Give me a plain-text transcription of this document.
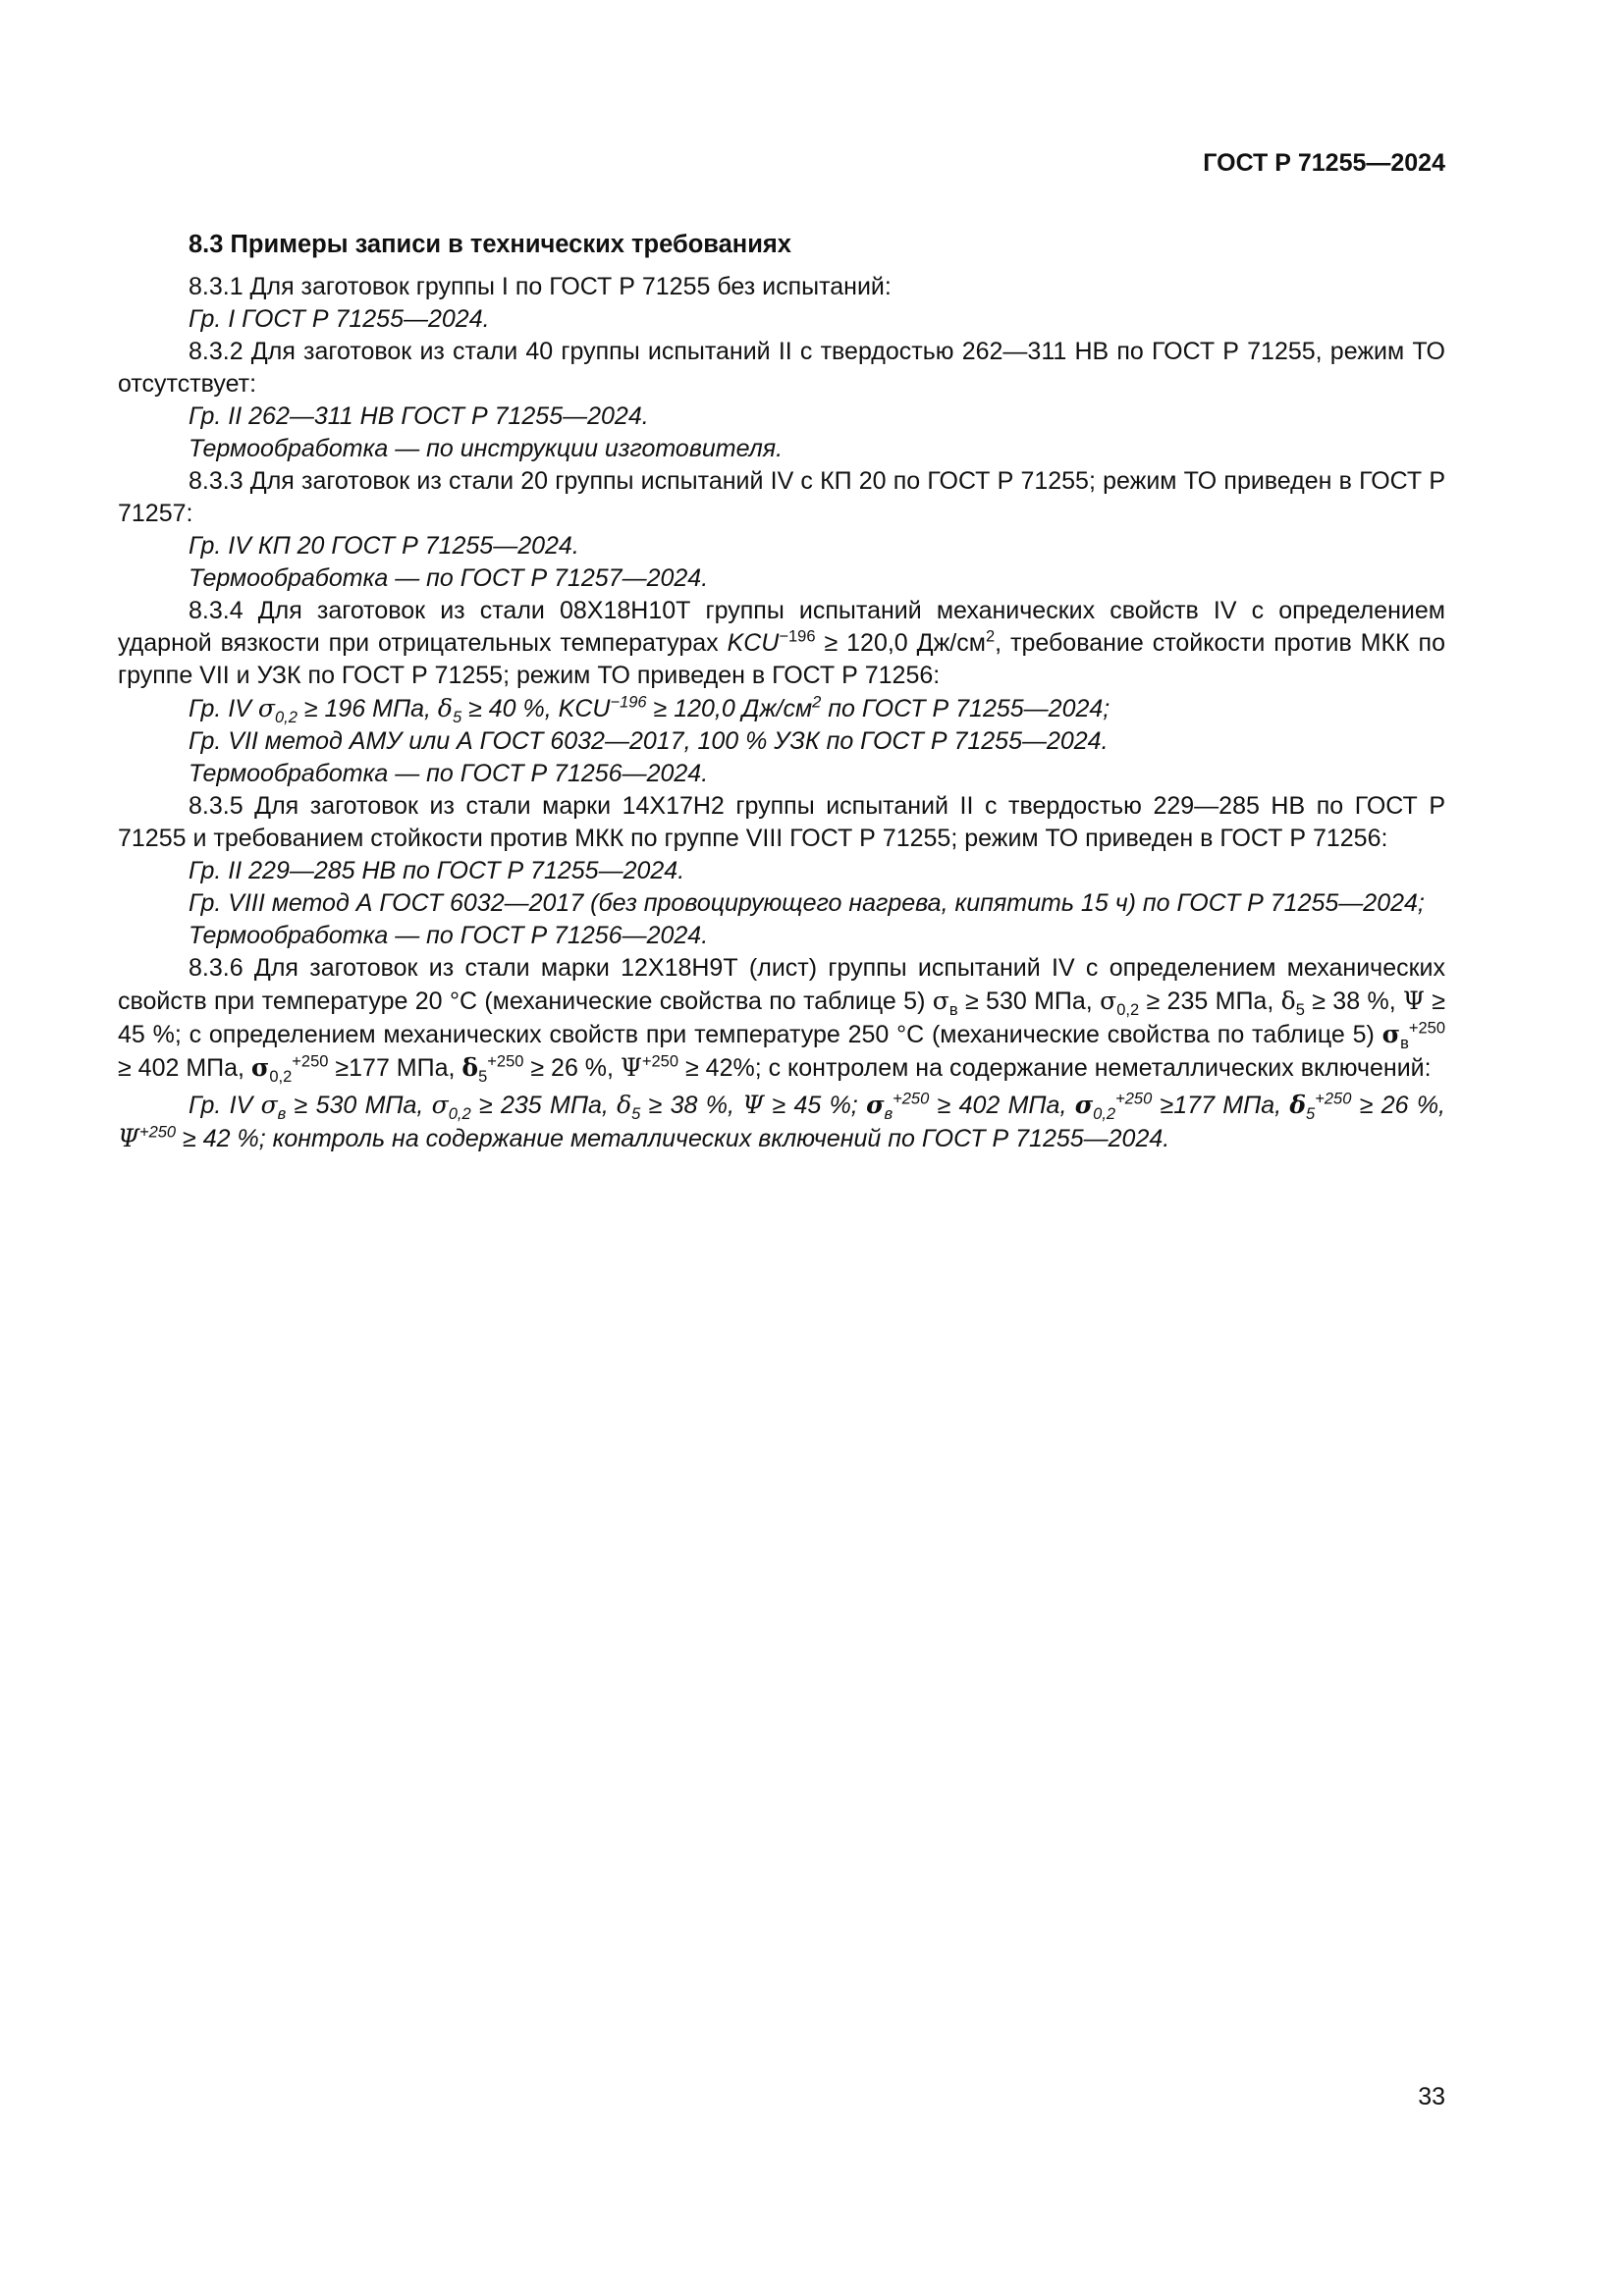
ГОСТ Р 71255—2024
8.3 Примеры записи в технических требованиях

8.3.1 Для заготовок группы I по ГОСТ Р 71255 без испытаний:

Гр. I ГОСТ Р 71255—2024.

8.3.2 Для заготовок из стали 40 группы испытаний II с твердостью 262—311 НВ по ГОСТ Р 71255, режим ТО отсутствует:

Гр. II 262—311 НВ ГОСТ Р 71255—2024.

Термообработка — по инструкции изготовителя.

8.3.3 Для заготовок из стали 20 группы испытаний IV с КП 20 по ГОСТ Р 71255; режим ТО приведен в ГОСТ Р 71257:

Гр. IV КП 20 ГОСТ Р 71255—2024.

Термообработка — по ГОСТ Р 71257—2024.

8.3.4 Для заготовок из стали 08Х18Н10Т группы испытаний механических свойств IV с определением ударной вязкости при отрицательных температурах $KCU^{-196} \ge 120,0$ $Дж/см^2$, требование стойкости против МКК по группе VII и УЗК по ГОСТ Р 71255; режим ТО приведен в ГОСТ Р 71256:

Гр. IV $\sigma_{0,2} \ge 196$ МПа, $\delta_5 \ge 40$ %, $KCU^{-196} \ge 120,0$ $Дж/см^2$ по ГОСТ Р 71255—2024;

Гр. VII метод АМУ или А ГОСТ 6032—2017, 100 % УЗК по ГОСТ Р 71255—2024.

Термообработка — по ГОСТ Р 71256—2024.

8.3.5 Для заготовок из стали марки 14Х17Н2 группы испытаний II с твердостью 229—285 НВ по ГОСТ Р 71255 и требованием стойкости против МКК по группе VIII ГОСТ Р 71255; режим ТО приведен в ГОСТ Р 71256:

Гр. II 229—285 НВ по ГОСТ Р 71255—2024.

Гр. VIII метод А ГОСТ 6032—2017 (без провоцирующего нагрева, кипятить 15 ч) по ГОСТ Р 71255—2024;

Термообработка — по ГОСТ Р 71256—2024.

8.3.6 Для заготовок из стали марки 12Х18Н9Т (лист) группы испытаний IV с определением механических свойств при температуре 20 °С (механические свойства по таблице 5) $\sigma_в \ge 530$ МПа, $\sigma_{0,2} \ge 235$ МПа, $\delta_5 \ge 38$ %, Ψ ≥ 45 %; с определением механических свойств при температуре 250 °С (механические свойства по таблице 5) $\sigma_в^{+250} \ge 402$ МПа, $\sigma_{0,2}^{+250} \ge 177$ МПа, $\delta_5^{+250} \ge 26$ %, $\Psi^{+250} \ge 42\%$; с контролем на содержание неметаллических включений:

Гр. IV $\sigma_в \ge 530$ МПа, $\sigma_{0,2} \ge 235$ МПа, $\delta_5 \ge 38$ %, Ψ ≥ 45 %; $\sigma_в^{+250} \ge 402$ МПа, $\sigma_{0,2}^{+250} \ge 177$ МПа, $\delta_5^{+250} \ge 26$ %, $\Psi^{+250} \ge 42$ %; контроль на содержание металлических включений по ГОСТ Р 71255—2024.

33
